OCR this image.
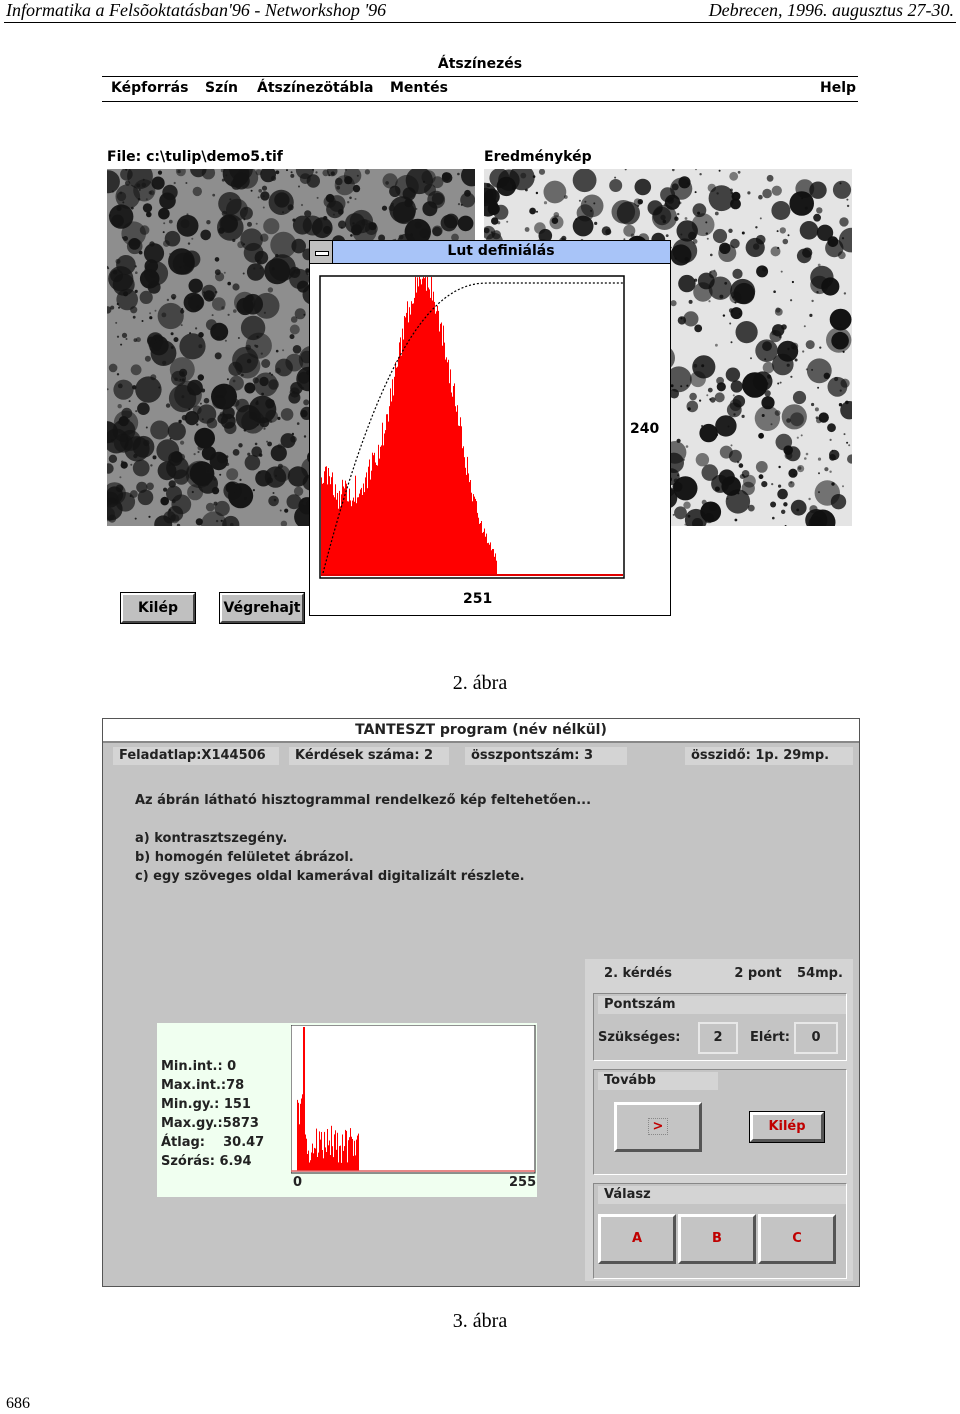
Informatika a Felsõoktatásban'96 - Networkshop '96	Debrecen, 1996. augusztus 27-30.
Átszínezés
Képforrás Szín Átszínezötábla Mentés	Help
File: c:\tulip\demo5.tif	Eredménykép
Kilép	Végrehajt
Lut definiálás
240
251
2. ábra
TANTESZT program (név nélkül)
Feladatlap:X144506	Kérdések száma: 2	összpontszám: 3	összidő: 1p. 29mp.
Az ábrán látható hisztogrammal rendelkező kép feltehetően...
a) kontrasztszegény.
b) homogén felületet ábrázol.
c) egy szöveges oldal kamerával digitalizált részlete.
Min.int.: 0
Max.int.:78
Min.gy.: 151
Max.gy.:5873
Átlag:    30.47
Szórás: 6.94
0	255
2. kérdés	2 pont	54mp.
Pontszám
Szükséges:	2	Elért:	0
Tovább
>	Kilép
Válasz
A	B	C
3. ábra
686
